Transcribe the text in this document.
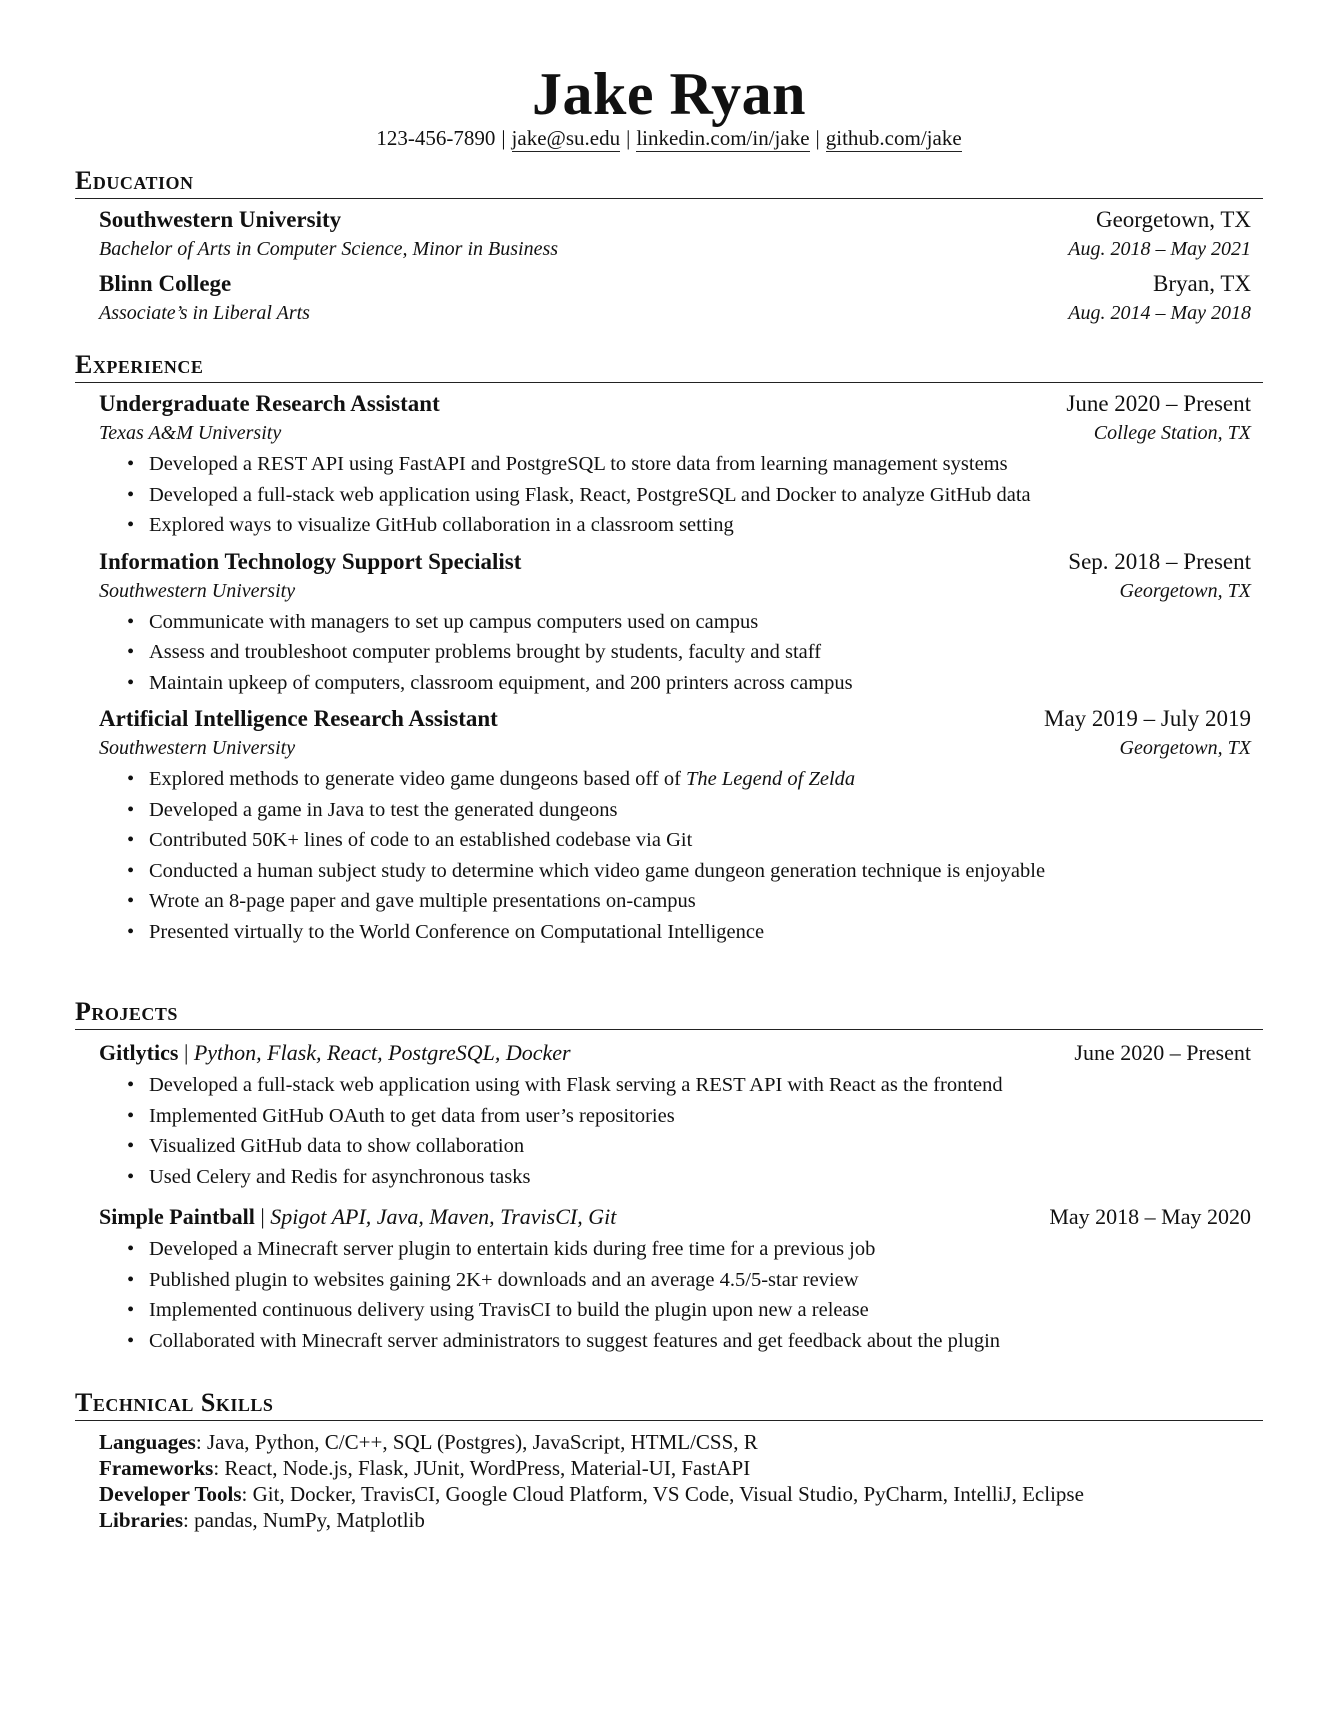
Jake Ryan
123-456-7890 | jake@su.edu | linkedin.com/in/jake | github.com/jake
Education
Southwestern University	Georgetown, TX
Bachelor of Arts in Computer Science, Minor in Business	Aug. 2018 – May 2021
Blinn College	Bryan, TX
Associate’s in Liberal Arts	Aug. 2014 – May 2018
Experience
Undergraduate Research Assistant	June 2020 – Present
Texas A&M University	College Station, TX
• Developed a REST API using FastAPI and PostgreSQL to store data from learning management systems
• Developed a full-stack web application using Flask, React, PostgreSQL and Docker to analyze GitHub data
• Explored ways to visualize GitHub collaboration in a classroom setting
Information Technology Support Specialist	Sep. 2018 – Present
Southwestern University	Georgetown, TX
• Communicate with managers to set up campus computers used on campus
• Assess and troubleshoot computer problems brought by students, faculty and staff
• Maintain upkeep of computers, classroom equipment, and 200 printers across campus
Artificial Intelligence Research Assistant	May 2019 – July 2019
Southwestern University	Georgetown, TX
• Explored methods to generate video game dungeons based off of The Legend of Zelda
• Developed a game in Java to test the generated dungeons
• Contributed 50K+ lines of code to an established codebase via Git
• Conducted a human subject study to determine which video game dungeon generation technique is enjoyable
• Wrote an 8-page paper and gave multiple presentations on-campus
• Presented virtually to the World Conference on Computational Intelligence
Projects
Gitlytics | Python, Flask, React, PostgreSQL, Docker	June 2020 – Present
• Developed a full-stack web application using with Flask serving a REST API with React as the frontend
• Implemented GitHub OAuth to get data from user’s repositories
• Visualized GitHub data to show collaboration
• Used Celery and Redis for asynchronous tasks
Simple Paintball | Spigot API, Java, Maven, TravisCI, Git	May 2018 – May 2020
• Developed a Minecraft server plugin to entertain kids during free time for a previous job
• Published plugin to websites gaining 2K+ downloads and an average 4.5/5-star review
• Implemented continuous delivery using TravisCI to build the plugin upon new a release
• Collaborated with Minecraft server administrators to suggest features and get feedback about the plugin
Technical Skills
Languages: Java, Python, C/C++, SQL (Postgres), JavaScript, HTML/CSS, R
Frameworks: React, Node.js, Flask, JUnit, WordPress, Material-UI, FastAPI
Developer Tools: Git, Docker, TravisCI, Google Cloud Platform, VS Code, Visual Studio, PyCharm, IntelliJ, Eclipse
Libraries: pandas, NumPy, Matplotlib
